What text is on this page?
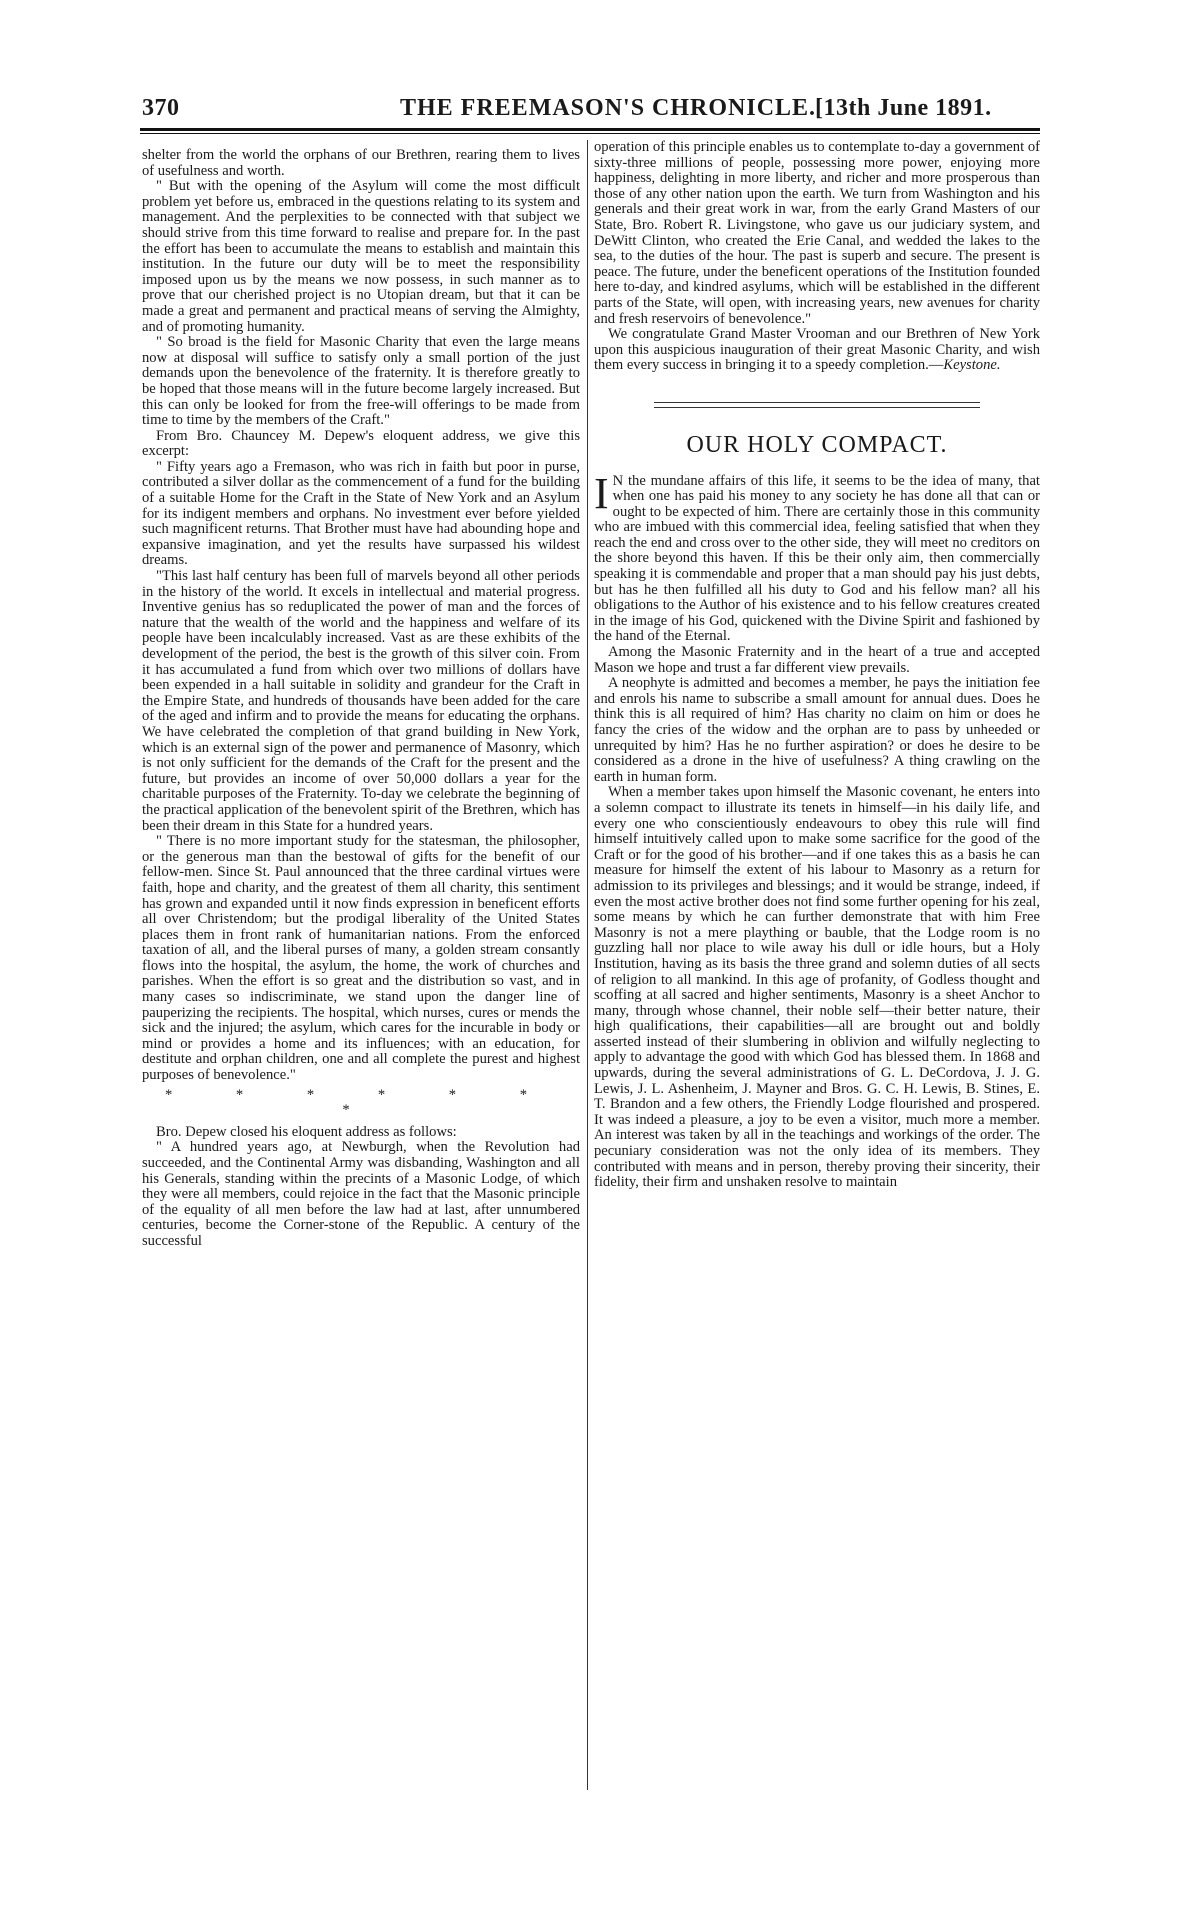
370	THE FREEMASON'S CHRONICLE.
[13th June 1891.

shelter from the world the orphans of our Brethren, rearing them to lives of usefulness and worth.

" But with the opening of the Asylum will come the most difficult problem yet before us, embraced in the questions relating to its system and management. And the perplexities to be connected with that subject we should strive from this time forward to realise and prepare for. In the past the effort has been to accumulate the means to establish and maintain this institution. In the future our duty will be to meet the responsibility imposed upon us by the means we now possess, in such manner as to prove that our cherished project is no Utopian dream, but that it can be made a great and permanent and practical means of serving the Almighty, and of promoting humanity.

" So broad is the field for Masonic Charity that even the large means now at disposal will suffice to satisfy only a small portion of the just demands upon the benevolence of the fraternity. It is therefore greatly to be hoped that those means will in the future become largely increased. But this can only be looked for from the free-will offerings to be made from time to time by the members of the Craft."

From Bro. Chauncey M. Depew's eloquent address, we give this excerpt:

" Fifty years ago a Fremason, who was rich in faith but poor in purse, contributed a silver dollar as the commencement of a fund for the building of a suitable Home for the Craft in the State of New York and an Asylum for its indigent members and orphans. No investment ever before yielded such magnificent returns. That Brother must have had abounding hope and expansive imagination, and yet the results have surpassed his wildest dreams.

"This last half century has been full of marvels beyond all other periods in the history of the world. It excels in intellectual and material progress. Inventive genius has so reduplicated the power of man and the forces of nature that the wealth of the world and the happiness and welfare of its people have been incalculably increased. Vast as are these exhibits of the development of the period, the best is the growth of this silver coin. From it has accumulated a fund from which over two millions of dollars have been expended in a hall suitable in solidity and grandeur for the Craft in the Empire State, and hundreds of thousands have been added for the care of the aged and infirm and to provide the means for educating the orphans. We have celebrated the completion of that grand building in New York, which is an external sign of the power and permanence of Masonry, which is not only sufficient for the demands of the Craft for the present and the future, but provides an income of over 50,000 dollars a year for the charitable purposes of the Fraternity. To-day we celebrate the beginning of the practical application of the benevolent spirit of the Brethren, which has been their dream in this State for a hundred years.

" There is no more important study for the statesman, the philosopher, or the generous man than the bestowal of gifts for the benefit of our fellow-men. Since St. Paul announced that the three cardinal virtues were faith, hope and charity, and the greatest of them all charity, this sentiment has grown and expanded until it now finds expression in beneficent efforts all over Christendom; but the prodigal liberality of the United States places them in front rank of humanitarian nations. From the enforced taxation of all, and the liberal purses of many, a golden stream consantly flows into the hospital, the asylum, the home, the work of churches and parishes. When the effort is so great and the distribution so vast, and in many cases so indiscriminate, we stand upon the danger line of pauperizing the recipients. The hospital, which nurses, cures or mends the sick and the injured; the asylum, which cares for the incurable in body or mind or provides a home and its influences; with an education, for destitute and orphan children, one and all complete the purest and highest purposes of benevolence."

* * * * * * *

Bro. Depew closed his eloquent address as follows:

" A hundred years ago, at Newburgh, when the Revolution had succeeded, and the Continental Army was disbanding, Washington and all his Generals, standing within the precints of a Masonic Lodge, of which they were all members, could rejoice in the fact that the Masonic principle of the equality of all men before the law had at last, after unnumbered centuries, become the Corner-stone of the Republic. A century of the successful

operation of this principle enables us to contemplate to-day a government of sixty-three millions of people, possessing more power, enjoying more happiness, delighting in more liberty, and richer and more prosperous than those of any other nation upon the earth. We turn from Washington and his generals and their great work in war, from the early Grand Masters of our State, Bro. Robert R. Livingstone, who gave us our judiciary system, and DeWitt Clinton, who created the Erie Canal, and wedded the lakes to the sea, to the duties of the hour. The past is superb and secure. The present is peace. The future, under the beneficent operations of the Institution founded here to-day, and kindred asylums, which will be established in the different parts of the State, will open, with increasing years, new avenues for charity and fresh reservoirs of benevolence."

We congratulate Grand Master Vrooman and our Brethren of New York upon this auspicious inauguration of their great Masonic Charity, and wish them every success in bringing it to a speedy completion.—Keystone.

OUR HOLY COMPACT.

I N the mundane affairs of this life, it seems to be the idea of many, that when one has paid his money to any society he has done all that can or ought to be expected of him. There are certainly those in this community who are imbued with this commercial idea, feeling satisfied that when they reach the end and cross over to the other side, they will meet no creditors on the shore beyond this haven. If this be their only aim, then commercially speaking it is commendable and proper that a man should pay his just debts, but has he then fulfilled all his duty to God and his fellow man? all his obligations to the Author of his existence and to his fellow creatures created in the image of his God, quickened with the Divine Spirit and fashioned by the hand of the Eternal.

Among the Masonic Fraternity and in the heart of a true and accepted Mason we hope and trust a far different view prevails.

A neophyte is admitted and becomes a member, he pays the initiation fee and enrols his name to subscribe a small amount for annual dues. Does he think this is all required of him? Has charity no claim on him or does he fancy the cries of the widow and the orphan are to pass by unheeded or unrequited by him? Has he no further aspiration? or does he desire to be considered as a drone in the hive of usefulness? A thing crawling on the earth in human form.

When a member takes upon himself the Masonic covenant, he enters into a solemn compact to illustrate its tenets in himself—in his daily life, and every one who conscientiously endeavours to obey this rule will find himself intuitively called upon to make some sacrifice for the good of the Craft or for the good of his brother—and if one takes this as a basis he can measure for himself the extent of his labour to Masonry as a return for admission to its privileges and blessings; and it would be strange, indeed, if even the most active brother does not find some further opening for his zeal, some means by which he can further demonstrate that with him Free Masonry is not a mere plaything or bauble, that the Lodge room is no guzzling hall nor place to wile away his dull or idle hours, but a Holy Institution, having as its basis the three grand and solemn duties of all sects of religion to all mankind. In this age of profanity, of Godless thought and scoffing at all sacred and higher sentiments, Masonry is a sheet Anchor to many, through whose channel, their noble self—their better nature, their high qualifications, their capabilities—all are brought out and boldly asserted instead of their slumbering in oblivion and wilfully neglecting to apply to advantage the good with which God has blessed them. In 1868 and upwards, during the several administrations of G. L. DeCordova, J. J. G. Lewis, J. L. Ashenheim, J. Mayner and Bros. G. C. H. Lewis, B. Stines, E. T. Brandon and a few others, the Friendly Lodge flourished and prospered. It was indeed a pleasure, a joy to be even a visitor, much more a member. An interest was taken by all in the teachings and workings of the order. The pecuniary consideration was not the only idea of its members. They contributed with means and in person, thereby proving their sincerity, their fidelity, their firm and unshaken resolve to maintain
